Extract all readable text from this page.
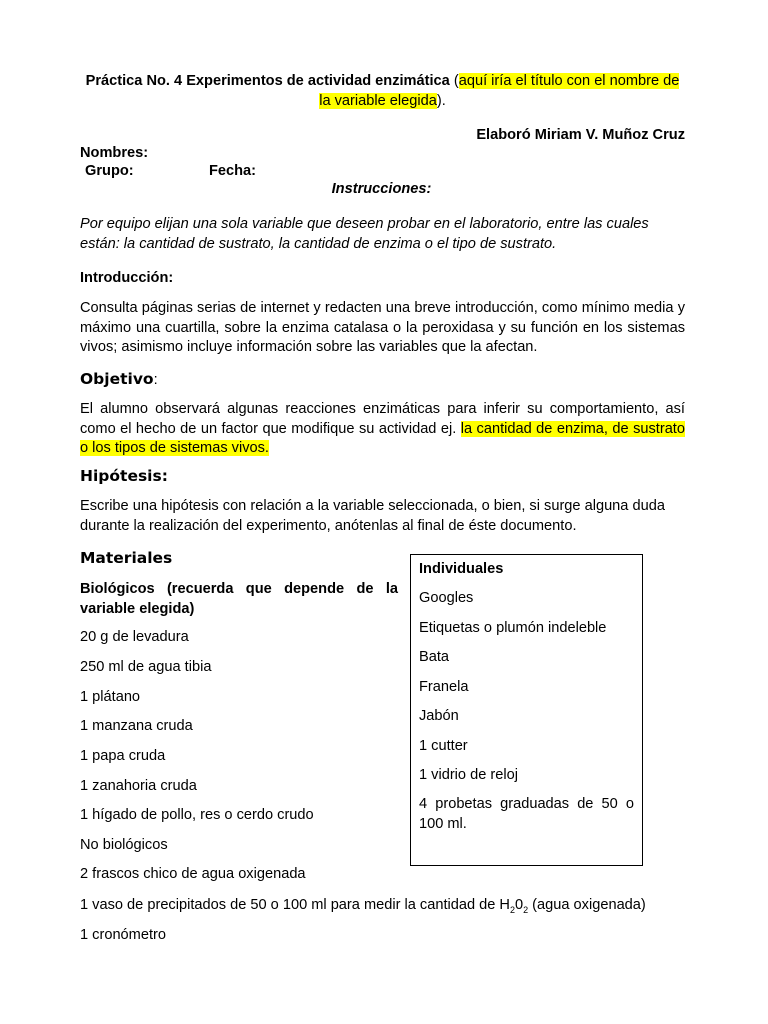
Práctica No. 4 Experimentos de actividad enzimática (aquí iría el título con el nombre de la variable elegida).
Elaboró Miriam V. Muñoz Cruz
Nombres:
Grupo:	Fecha:
Instrucciones:
Por equipo elijan una sola variable que deseen probar en el laboratorio, entre las cuales están: la cantidad de sustrato, la cantidad de enzima o el tipo de sustrato.
Introducción:
Consulta páginas serias de internet y redacten una breve introducción, como mínimo media y máximo una cuartilla, sobre la enzima catalasa o la peroxidasa y su función en los sistemas vivos; asimismo incluye información sobre las variables que la afectan.
Objetivo:
El alumno observará algunas reacciones enzimáticas para inferir su comportamiento, así como el hecho de un factor que modifique su actividad ej. la cantidad de enzima, de sustrato o los tipos de sistemas vivos.
Hipótesis:
Escribe una hipótesis con relación a la variable seleccionada, o bien, si surge alguna duda durante la realización del experimento, anótenlas al final de éste documento.
Materiales
Biológicos (recuerda que depende de la variable elegida)
20 g de levadura
250 ml de agua tibia
1 plátano
1 manzana cruda
1 papa cruda
1 zanahoria cruda
1 hígado de pollo, res o cerdo crudo
No biológicos
2 frascos chico de agua oxigenada
1 vaso de precipitados de 50 o 100 ml para medir la cantidad de $H_20_2$ (agua oxigenada)
1 cronómetro
Individuales
Googles
Etiquetas o plumón indeleble
Bata
Franela
Jabón
1 cutter
1 vidrio de reloj
4 probetas graduadas de 50 o 100 ml.
